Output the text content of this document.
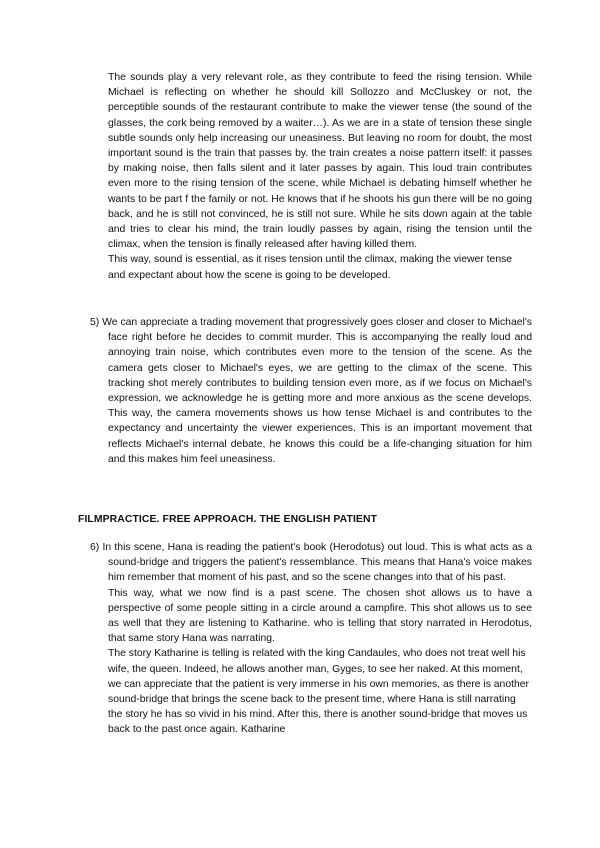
The sounds play a very relevant role, as they contribute to feed the rising tension. While Michael is reflecting on whether he should kill Sollozzo and McCluskey or not, the perceptible sounds of the restaurant contribute to make the viewer tense (the sound of the glasses, the cork being removed by a waiter…). As we are in a state of tension these single subtle sounds only help increasing our uneasiness. But leaving no room for doubt, the most important sound is the train that passes by. the train creates a noise pattern itself: it passes by making noise, then falls silent and it later passes by again. This loud train contributes even more to the rising tension of the scene, while Michael is debating himself whether he wants to be part f the family or not. He knows that if he shoots his gun there will be no going back, and he is still not convinced, he is still not sure. While he sits down again at the table and tries to clear his mind, the train loudly passes by again, rising the tension until the climax, when the tension is finally released after having killed them.

This way, sound is essential, as it rises tension until the climax, making the viewer tense and expectant about how the scene is going to be developed.

5) We can appreciate a trading movement that progressively goes closer and closer to Michael's face right before he decides to commit murder. This is accompanying the really loud and annoying train noise, which contributes even more to the tension of the scene. As the camera gets closer to Michael's eyes, we are getting to the climax of the scene. This tracking shot merely contributes to building tension even more, as if we focus on Michael's expression, we acknowledge he is getting more and more anxious as the scene develops. This way, the camera movements shows us how tense Michael is and contributes to the expectancy and uncertainty the viewer experiences. This is an important movement that reflects Michael's internal debate, he knows this could be a life-changing situation for him and this makes him feel uneasiness.

FILMPRACTICE. FREE APPROACH. THE ENGLISH PATIENT

6) In this scene, Hana is reading the patient's book (Herodotus) out loud. This is what acts as a sound-bridge and triggers the patient's ressemblance. This means that Hana's voice makes him remember that moment of his past, and so the scene changes into that of his past.

This way, what we now find is a past scene. The chosen shot allows us to have a perspective of some people sitting in a circle around a campfire. This shot allows us to see as well that they are listening to Katharine. who is telling that story narrated in Herodotus, that same story Hana was narrating.

The story Katharine is telling is related with the king Candaules, who does not treat well his wife, the queen. Indeed, he allows another man, Gyges, to see her naked. At this moment, we can appreciate that the patient is very immerse in his own memories, as there is another sound-bridge that brings the scene back to the present time, where Hana is still narrating the story he has so vivid in his mind. After this, there is another sound-bridge that moves us back to the past once again. Katharine
